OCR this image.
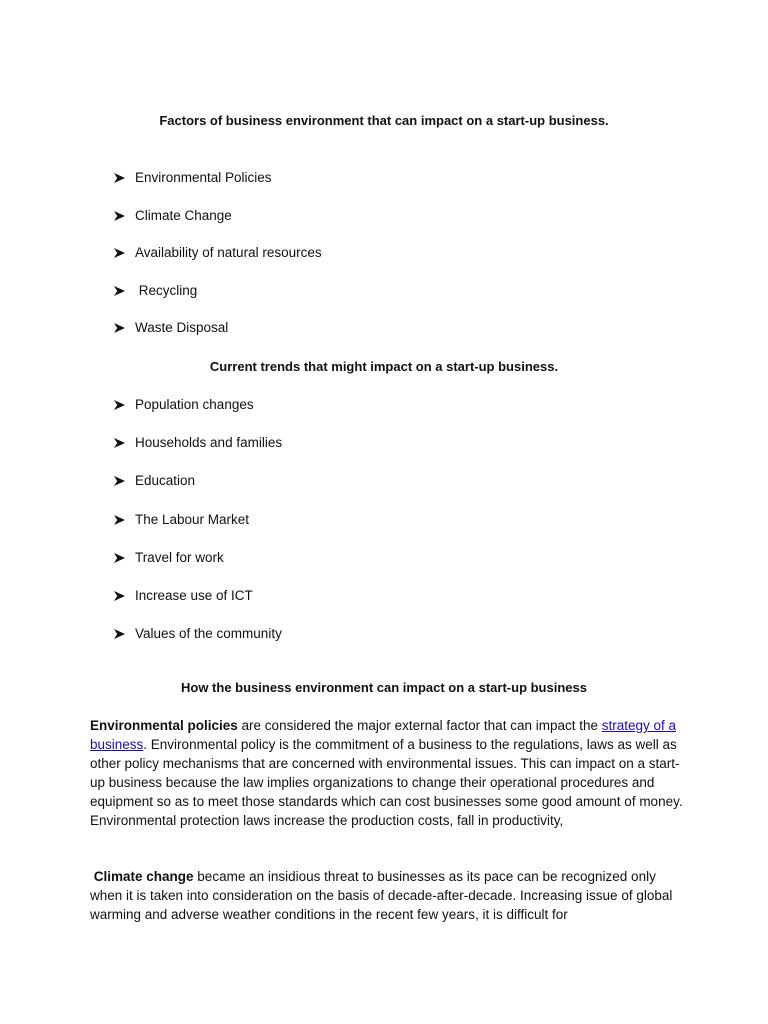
Factors of business environment that can impact on a start-up business.
Environmental Policies
Climate Change
Availability of natural resources
Recycling
Waste Disposal
Current trends that might impact on a start-up business.
Population changes
Households and families
Education
The Labour Market
Travel for work
Increase use of ICT
Values of the community
How the business environment can impact on a start-up business

Environmental policies are considered the major external factor that can impact the strategy of a business. Environmental policy is the commitment of a business to the regulations, laws as well as other policy mechanisms that are concerned with environmental issues. This can impact on a start-up business because the law implies organizations to change their operational procedures and equipment so as to meet those standards which can cost businesses some good amount of money. Environmental protection laws increase the production costs, fall in productivity,

Climate change became an insidious threat to businesses as its pace can be recognized only when it is taken into consideration on the basis of decade-after-decade. Increasing issue of global warming and adverse weather conditions in the recent few years, it is difficult for
